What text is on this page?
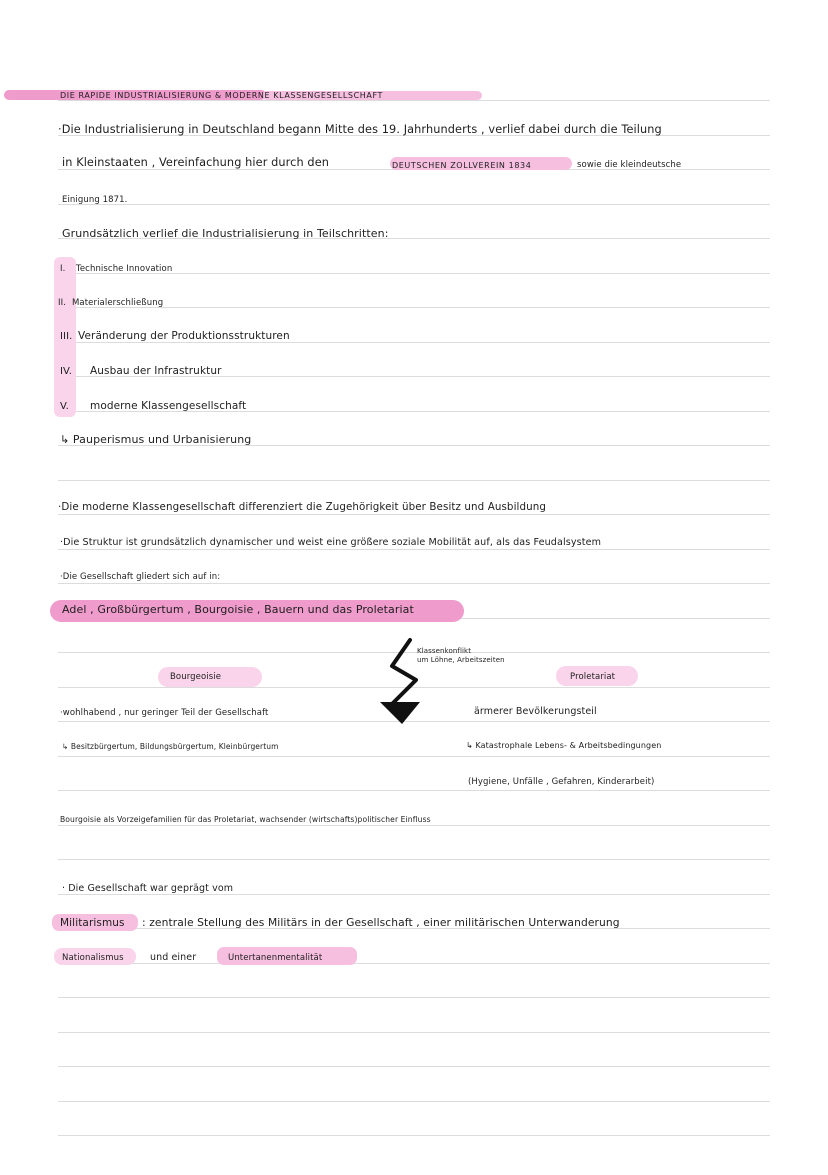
DIE RAPIDE INDUSTRIALISIERUNG & MODERNE KLASSENGESELLSCHAFT
·Die Industrialisierung in Deutschland begann Mitte des 19. Jahrhunderts , verlief dabei durch die Teilung
in Kleinstaaten , Vereinfachung hier durch den	DEUTSCHEN ZOLLVEREIN 1834	sowie die kleindeutsche
Einigung 1871.
Grundsätzlich verlief die Industrialisierung in Teilschritten:
I. Technische Innovation
II. Materialerschließung
III. Veränderung der Produktionsstrukturen
IV. Ausbau der Infrastruktur
V. moderne Klassengesellschaft
↳ Pauperismus und Urbanisierung
·Die moderne Klassengesellschaft differenziert die Zugehörigkeit über Besitz und Ausbildung
·Die Struktur ist grundsätzlich dynamischer und weist eine größere soziale Mobilität auf, als das Feudalsystem
·Die Gesellschaft gliedert sich auf in:
Adel , Großbürgertum , Bourgoisie , Bauern und das Proletariat
Klassenkonflikt
um Löhne, Arbeitszeiten
Bourgeoisie	Proletariat
·wohlhabend , nur geringer Teil der Gesellschaft
↳ Besitzbürgertum, Bildungsbürgertum, Kleinbürgertum
ärmerer Bevölkerungsteil
↳ Katastrophale Lebens- & Arbeitsbedingungen
(Hygiene, Unfälle , Gefahren, Kinderarbeit)
Bourgoisie als Vorzeigefamilien für das Proletariat, wachsender (wirtschafts)politischer Einfluss
· Die Gesellschaft war geprägt vom
Militarismus : zentrale Stellung des Militärs in der Gesellschaft , einer militärischen Unterwanderung
Nationalismus	und einer	Untertanenmentalität
